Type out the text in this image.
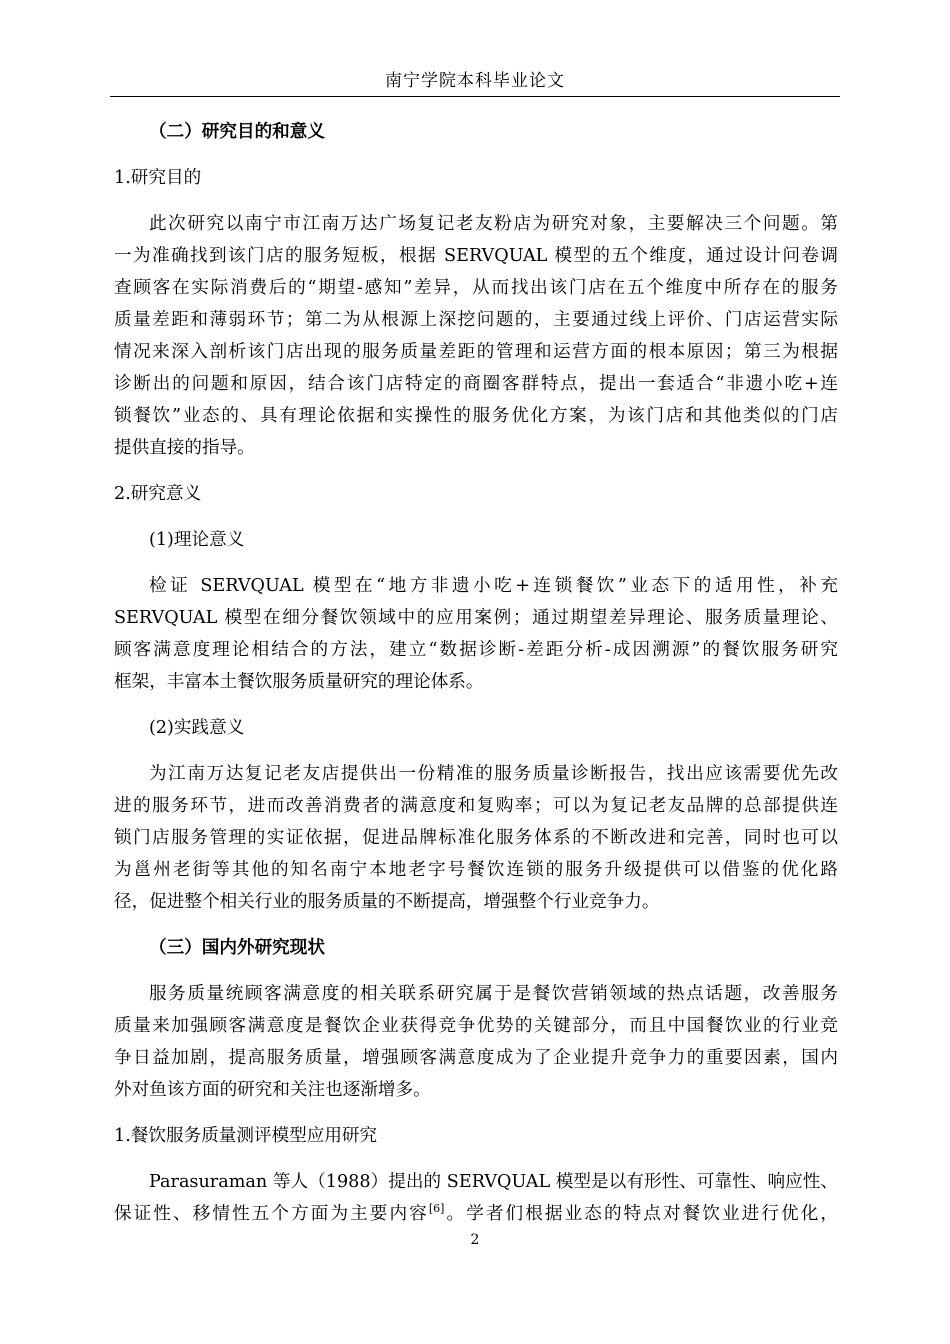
南宁学院本科毕业论文
（二）研究目的和意义
1.研究目的
此次研究以南宁市江南万达广场复记老友粉店为研究对象，主要解决三个问题。第
一为准确找到该门店的服务短板，根据 SERVQUAL 模型的五个维度，通过设计问卷调
查顾客在实际消费后的“期望-感知”差异，从而找出该门店在五个维度中所存在的服务
质量差距和薄弱环节；第二为从根源上深挖问题的，主要通过线上评价、门店运营实际
情况来深入剖析该门店出现的服务质量差距的管理和运营方面的根本原因；第三为根据
诊断出的问题和原因，结合该门店特定的商圈客群特点，提出一套适合“非遗小吃+连
锁餐饮”业态的、具有理论依据和实操性的服务优化方案，为该门店和其他类似的门店
提供直接的指导。
2.研究意义
(1)理论意义
检证 SERVQUAL 模型在“地方非遗小吃+连锁餐饮”业态下的适用性，补充
SERVQUAL 模型在细分餐饮领域中的应用案例；通过期望差异理论、服务质量理论、
顾客满意度理论相结合的方法，建立“数据诊断-差距分析-成因溯源”的餐饮服务研究
框架，丰富本土餐饮服务质量研究的理论体系。
(2)实践意义
为江南万达复记老友店提供出一份精准的服务质量诊断报告，找出应该需要优先改
进的服务环节，进而改善消费者的满意度和复购率；可以为复记老友品牌的总部提供连
锁门店服务管理的实证依据，促进品牌标准化服务体系的不断改进和完善，同时也可以
为邕州老街等其他的知名南宁本地老字号餐饮连锁的服务升级提供可以借鉴的优化路
径，促进整个相关行业的服务质量的不断提高，增强整个行业竞争力。
（三）国内外研究现状
服务质量统顾客满意度的相关联系研究属于是餐饮营销领域的热点话题，改善服务
质量来加强顾客满意度是餐饮企业获得竞争优势的关键部分，而且中国餐饮业的行业竞
争日益加剧，提高服务质量，增强顾客满意度成为了企业提升竞争力的重要因素，国内
外对鱼该方面的研究和关注也逐渐增多。
1.餐饮服务质量测评模型应用研究
Parasuraman 等人（1988）提出的 SERVQUAL 模型是以有形性、可靠性、响应性、
保证性、移情性五个方面为主要内容[6]。学者们根据业态的特点对餐饮业进行优化，
2
